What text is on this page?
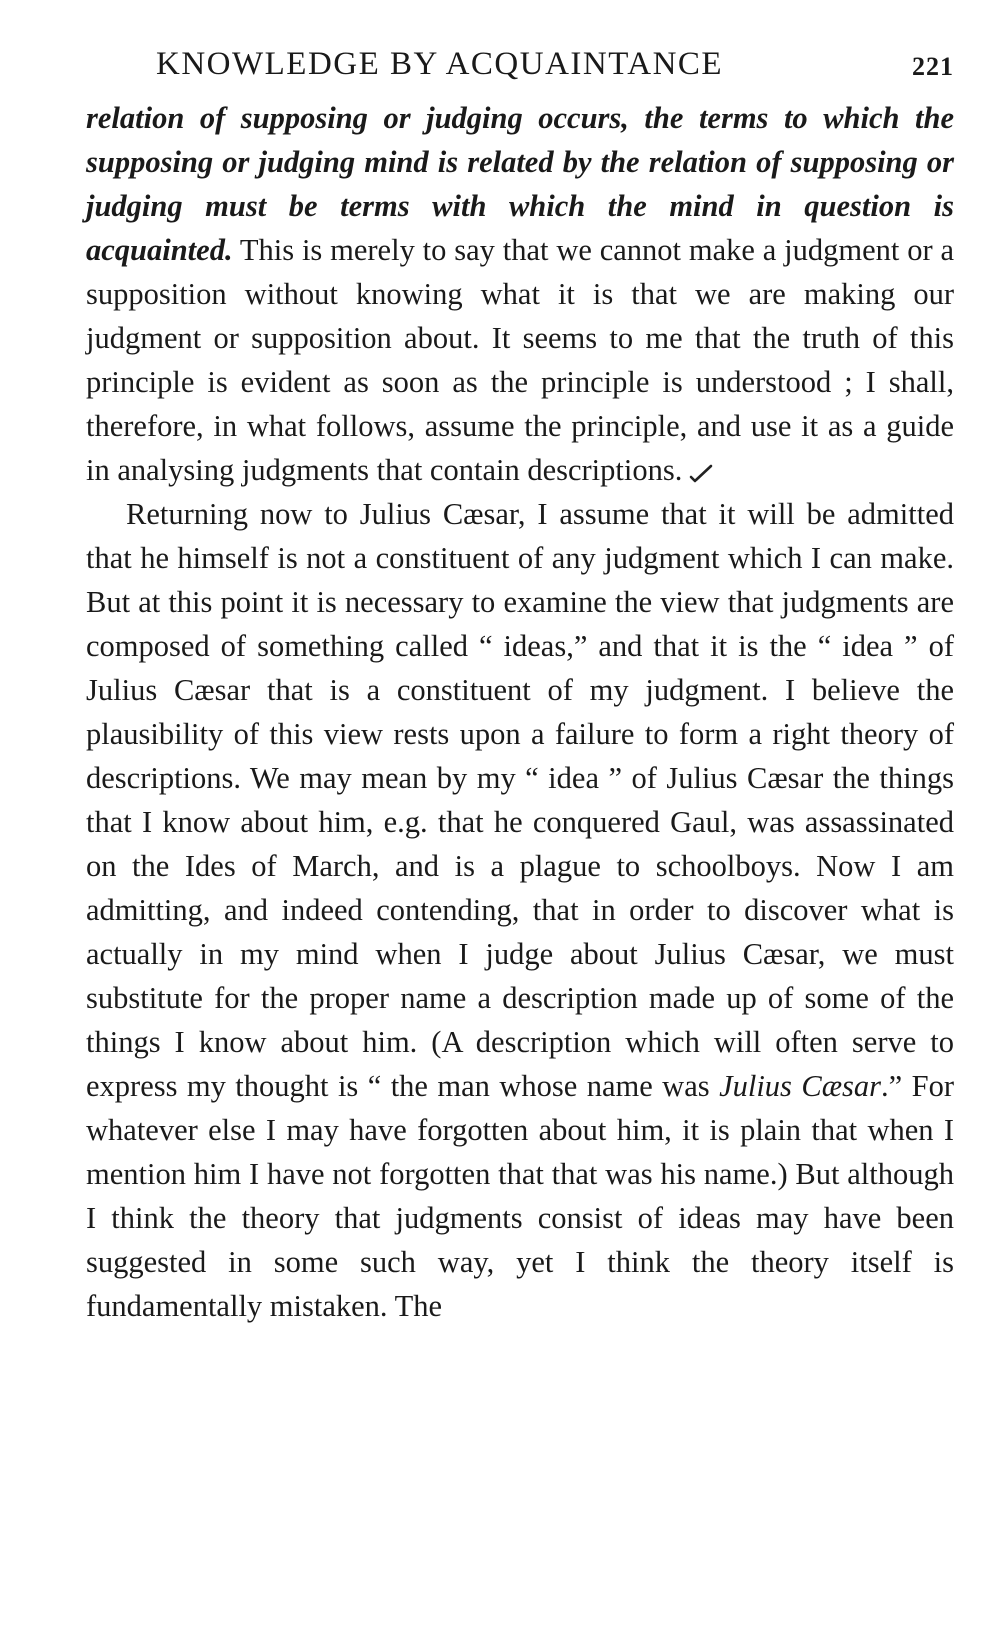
KNOWLEDGE BY ACQUAINTANCE	221

relation of supposing or judging occurs, the terms to which the supposing or judging mind is related by the relation of supposing or judging must be terms with which the mind in question is acquainted. This is merely to say that we cannot make a judgment or a supposition without knowing what it is that we are making our judgment or supposition about. It seems to me that the truth of this principle is evident as soon as the principle is understood ; I shall, therefore, in what follows, assume the principle, and use it as a guide in analysing judgments that contain descriptions.

Returning now to Julius Cæsar, I assume that it will be admitted that he himself is not a constituent of any judgment which I can make. But at this point it is necessary to examine the view that judgments are composed of something called “ ideas,” and that it is the “ idea ” of Julius Cæsar that is a constituent of my judgment. I believe the plausibility of this view rests upon a failure to form a right theory of descriptions. We may mean by my “ idea ” of Julius Cæsar the things that I know about him, e.g. that he conquered Gaul, was assassinated on the Ides of March, and is a plague to schoolboys. Now I am admitting, and indeed contending, that in order to discover what is actually in my mind when I judge about Julius Cæsar, we must substitute for the proper name a description made up of some of the things I know about him. (A description which will often serve to express my thought is “ the man whose name was Julius Cæsar.” For whatever else I may have forgotten about him, it is plain that when I mention him I have not forgotten that that was his name.) But although I think the theory that judgments consist of ideas may have been suggested in some such way, yet I think the theory itself is fundamentally mistaken. The
